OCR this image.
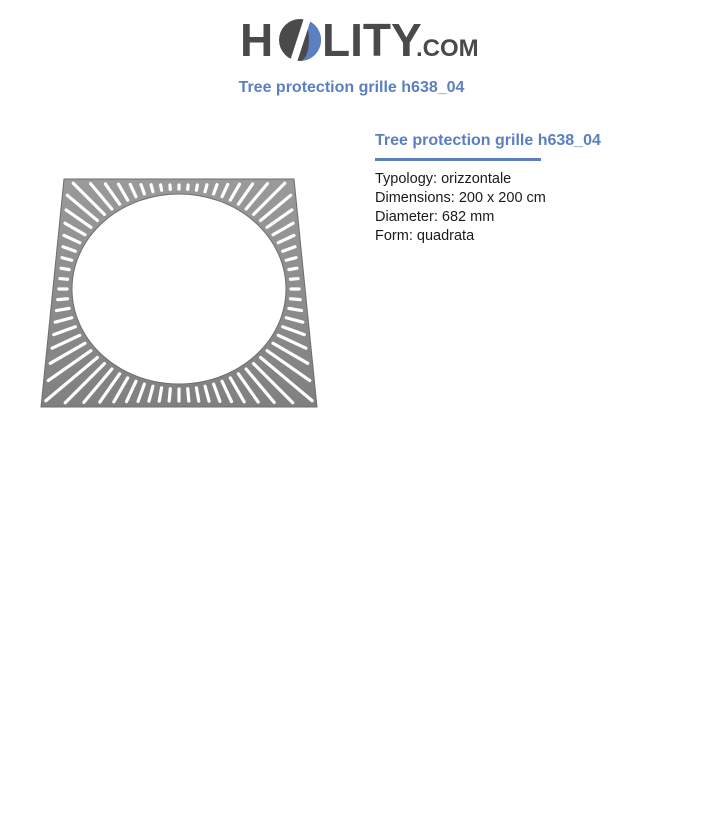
H LITY
.COM
Tree protection grille h638_04
Tree protection grille h638_04
Typology: orizzontale
Dimensions: 200 x 200 cm
Diameter: 682 mm
Form: quadrata
